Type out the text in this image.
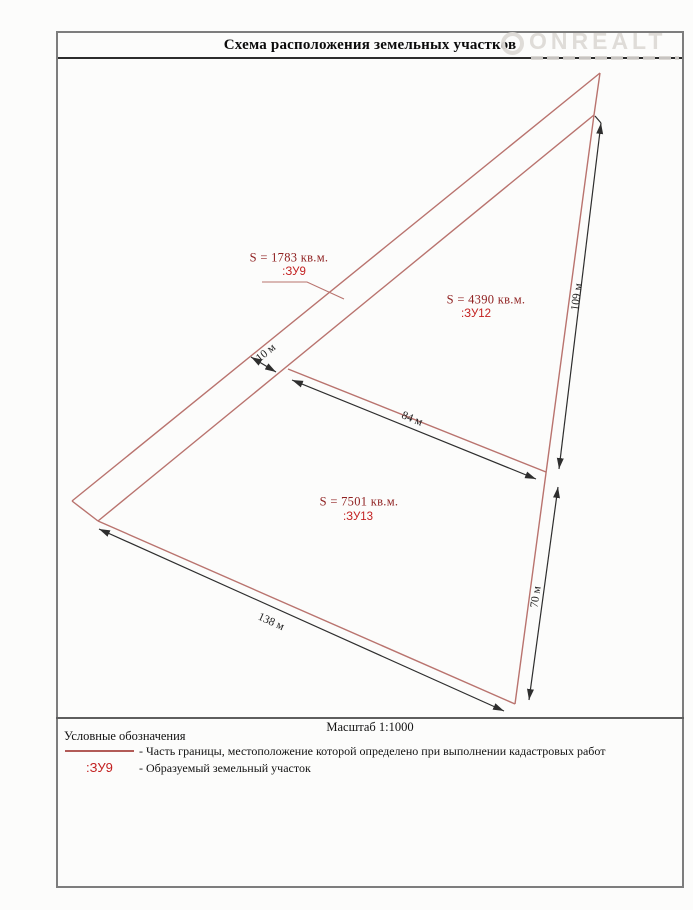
Схема расположения земельных участков ONREALT
S = 1783 кв.м.
:ЗУ9
S = 4390 кв.м.
:ЗУ12
S = 7501 кв.м.
:ЗУ13
10 м
84 м
109 м
70 м
138 м
Масштаб 1:1000
Условные обозначения
- Часть границы, местоположение которой определено при выполнении кадастровых работ
:ЗУ9 - Образуемый земельный участок
